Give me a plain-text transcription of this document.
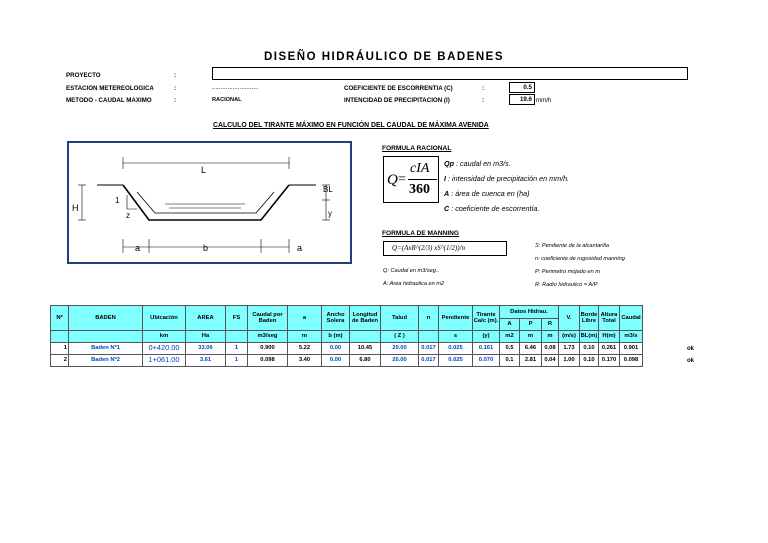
DISEÑO HIDRÁULICO DE BADENES
PROYECTO	:
ESTACION METEREOLOGICA	:	...........................
METODO - CAUDAL MAXIMO	:	RACIONAL
COEFICIENTE DE ESCORRENTIA (C)	:	0.5
INTENCIDAD DE PRECIPITACION (I)	:	19.6 mm/h
CALCULO DEL TIRANTE MÁXIMO EN FUNCIÓN DEL CAUDAL DE MÁXIMA AVENIDA
L
H
BL
y
1
z
a	b	a
FORMULA RACIONAL
Q =
cIA
360
Qp : caudal en m3/s.
I : intensidad de precipitación en mm/h.
A : área de cuenca en (ha)
C : coeficiente de escorrentía.
FORMULA DE MANNING
Q=(AxR^(2/3) xS^(1/2))/n
Q: Caudal en m3/seg..
A: Area hidraulica en m2
S: Pendiente de la alcantarilla
n: coeficiente de rugosidad manning
P: Perimetro mojado en m
R: Radio hidraulico = A/P
Nº	BADEN	Ubicación	AREA	FS	Caudal por Baden	a	Ancho Solera	Longitud de Baden	Talud	n	Pendiente	Tirante Calc (m).	Datos Hidrau.			V.	Borde Libre	Altura Total	Caudal
													A	P	R				
		km	Ha		m3/seg	m	b (m)		( Z )		s	(y)	m2	m	m	(m/s)	BL(m)	H(m)	m3/s
1	Baden Nº1	0+420.00	33.06	1	0.900	5.22	0.00	10.45	20.00	0.017	0.025	0.161	0.5	6.46	0.08	1.73	0.10	0.261	0.901
2	Baden Nº2	1+061.00	3.61	1	0.098	3.40	0.00	6.80	20.00	0.017	0.025	0.070	0.1	2.81	0.04	1.00	0.10	0.170	0.098
ok
ok
